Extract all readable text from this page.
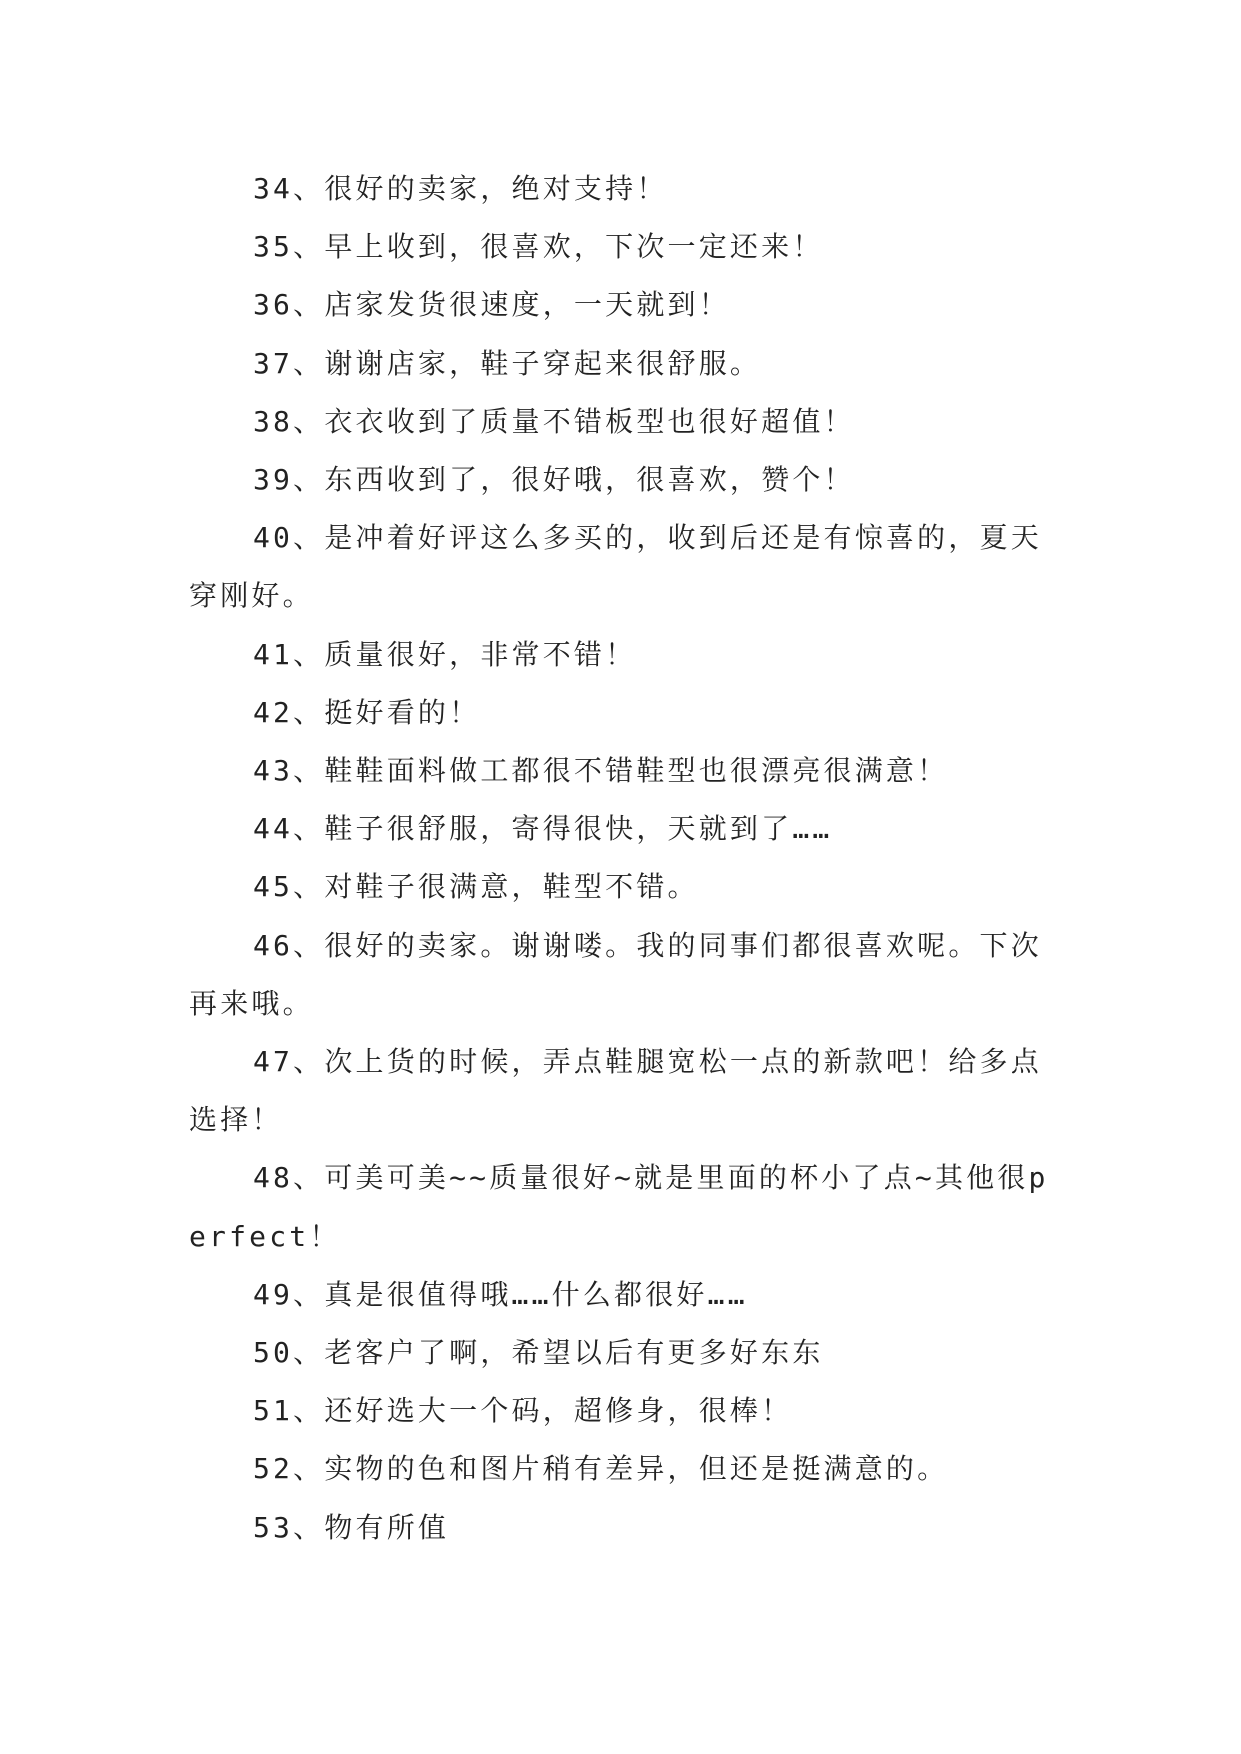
34、很好的卖家，绝对支持！

35、早上收到，很喜欢，下次一定还来！

36、店家发货很速度，一天就到！

37、谢谢店家，鞋子穿起来很舒服。

38、衣衣收到了质量不错板型也很好超值！

39、东西收到了，很好哦，很喜欢，赞个！

40、是冲着好评这么多买的，收到后还是有惊喜的，夏天穿刚好。

41、质量很好，非常不错！

42、挺好看的！

43、鞋鞋面料做工都很不错鞋型也很漂亮很满意！

44、鞋子很舒服，寄得很快，天就到了……

45、对鞋子很满意，鞋型不错。

46、很好的卖家。谢谢喽。我的同事们都很喜欢呢。下次再来哦。

47、次上货的时候，弄点鞋腿宽松一点的新款吧！给多点选择！

48、可美可美~~质量很好~就是里面的杯小了点~其他很perfect！

49、真是很值得哦……什么都很好……

50、老客户了啊，希望以后有更多好东东

51、还好选大一个码，超修身，很棒！

52、实物的色和图片稍有差异，但还是挺满意的。

53、物有所值
